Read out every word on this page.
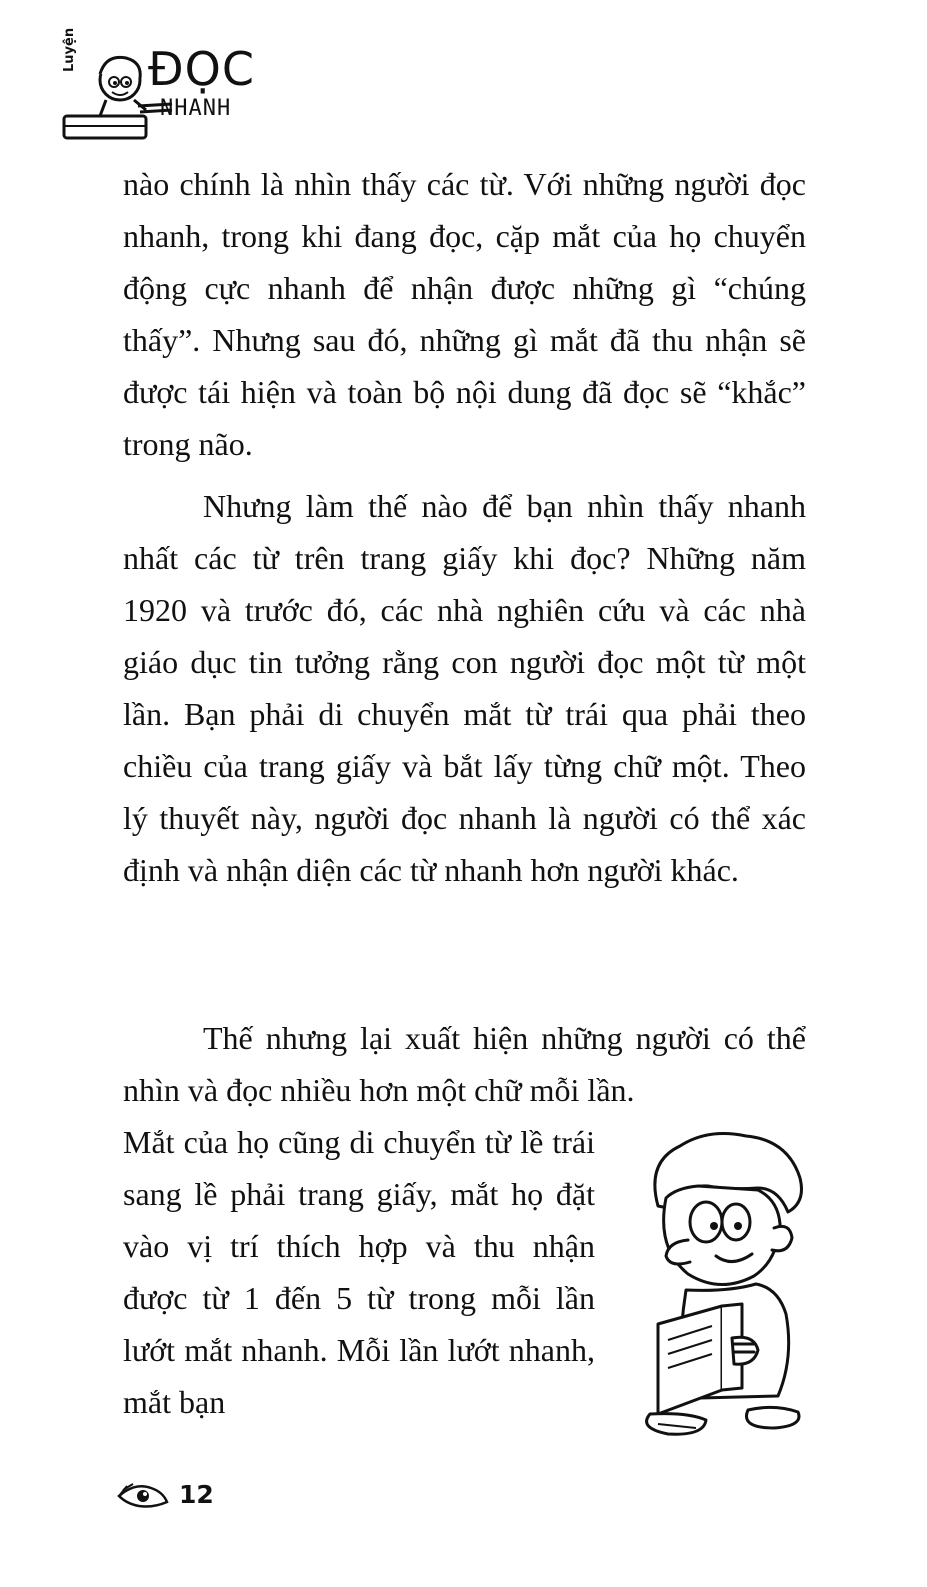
Luyện ĐỌC
NHANH

nào chính là nhìn thấy các từ. Với những người đọc nhanh, trong khi đang đọc, cặp mắt của họ chuyển động cực nhanh để nhận được những gì “chúng thấy”. Nhưng sau đó, những gì mắt đã thu nhận sẽ được tái hiện và toàn bộ nội dung đã đọc sẽ “khắc” trong não.

Nhưng làm thế nào để bạn nhìn thấy nhanh nhất các từ trên trang giấy khi đọc? Những năm 1920 và trước đó, các nhà nghiên cứu và các nhà giáo dục tin tưởng rằng con người đọc một từ một lần. Bạn phải di chuyển mắt từ trái qua phải theo chiều của trang giấy và bắt lấy từng chữ một. Theo lý thuyết này, người đọc nhanh là người có thể xác định và nhận diện các từ nhanh hơn người khác.

Thế nhưng lại xuất hiện những người có thể nhìn và đọc nhiều hơn một chữ mỗi lần.

Mắt của họ cũng di chuyển từ lề trái sang lề phải trang giấy, mắt họ đặt vào vị trí thích hợp và thu nhận được từ 1 đến 5 từ trong mỗi lần lướt mắt nhanh. Mỗi lần lướt nhanh, mắt bạn

12
